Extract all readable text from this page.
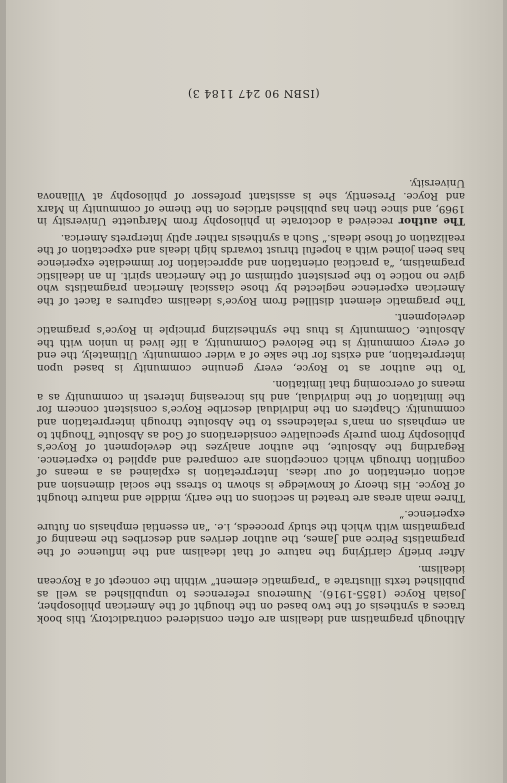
Although pragmatism and idealism are often considered contradictory, this book traces a synthesis of the two based on the thought of the American philosopher, Josiah Royce (1855-1916). Numerous references to unpublished as well as published texts illustrate a “pragmatic element” within the concept of a Roycean idealism.

After briefly clarifying the nature of that idealism and the influence of the pragmatists Peirce and James, the author derives and describes the meaning of pragmatism with which the study proceeds, i.e. “an essential emphasis on future experience.”

Three main areas are treated in sections on the early, middle and mature thought of Royce. His theory of knowledge is shown to stress the social dimension and action orientation of our ideas. Interpretation is explained as a means of cognition through which conceptions are compared and applied to experience. Regarding the Absolute, the author analyzes the development of Royce’s philosophy from purely speculative considerations of God as Absolute Thought to an emphasis on man’s relatedness to the Absolute through interpretation and community. Chapters on the individual describe Royce’s consistent concern for the limitation of the individual, and his increasing interest in community as a means of overcoming that limitation.

To the author as to Royce, every genuine community is based upon interpretation, and exists for the sake of a wider community. Ultimately, the end of every community is the Beloved Community, a life lived in union with the Absolute. Community is thus the synthesizing principle in Royce’s pragmatic development.

The pragmatic element distilled from Royce’s idealism captures a facet of the American experience neglected by those classical American pragmatists who give no notice to the persistent optimism of the American spirit. In an idealistic pragmatism, “a practical orientation and appreciation for immediate experience has been joined with a hopeful thrust towards high ideals and expectation of the realization of those ideals.” Such a synthesis rather aptly interprets America.

The author received a doctorate in philosophy from Marquette University in 1969, and since then has published articles on the theme of community in Marx and Royce. Presently, she is assistant professor of philosophy at Villanova University.

(ISBN 90 247 1184 3)
